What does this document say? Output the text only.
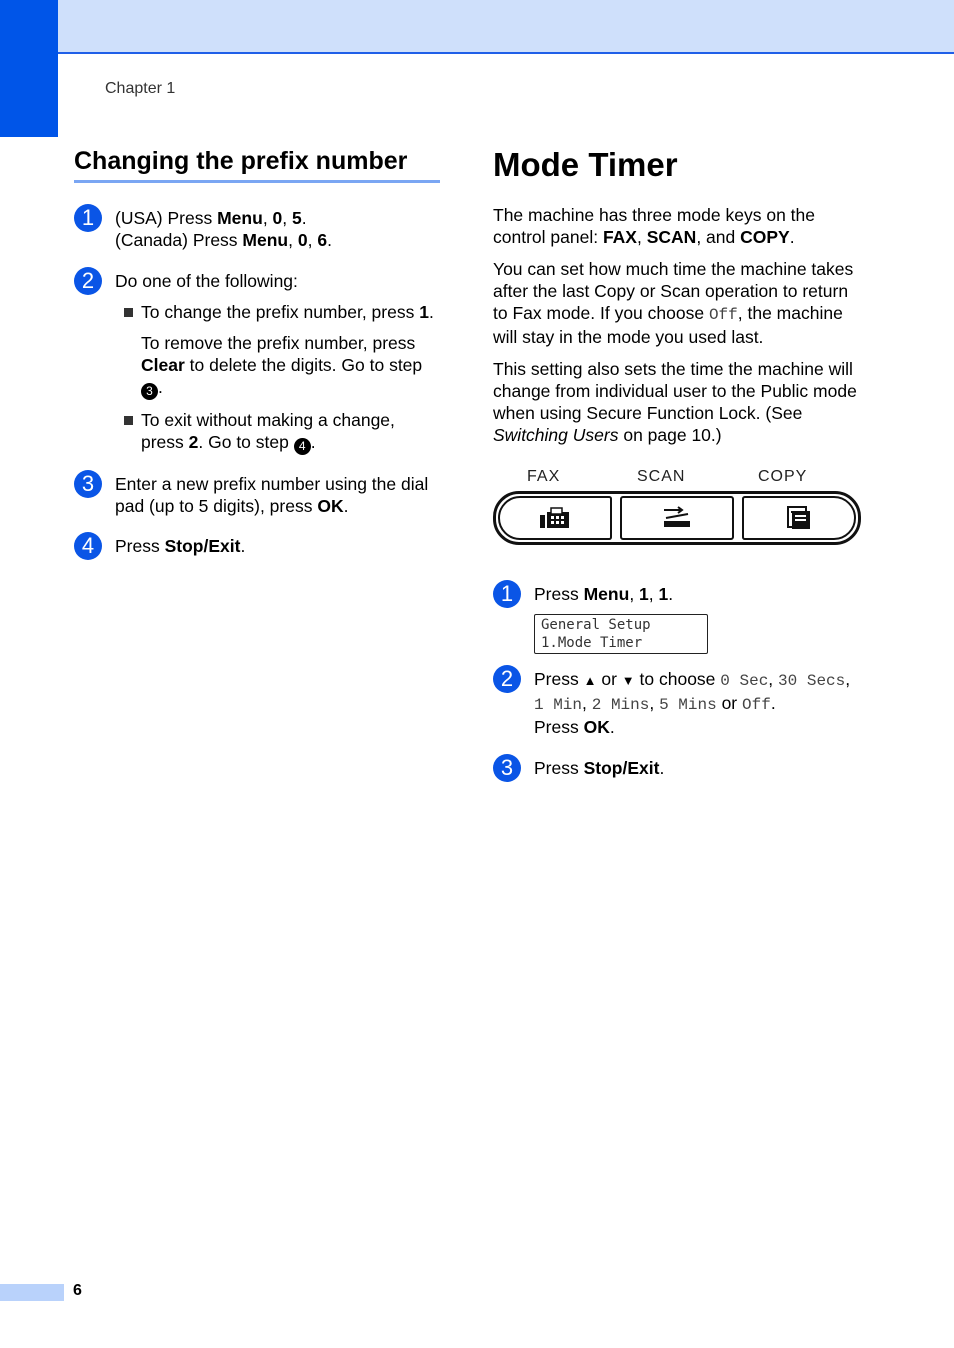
Chapter 1
Changing the prefix number
1	(USA) Press Menu, 0, 5.

(Canada) Press Menu, 0, 6.

2	Do one of the following:

To change the prefix number, press 1.

To remove the prefix number, press Clear to delete the digits. Go to step 3 .

To exit without making a change, press 2. Go to step 4 .

3	Enter a new prefix number using the dial pad (up to 5 digits), press OK.

4	Press Stop/Exit.

Mode Timer

The machine has three mode keys on the control panel: FAX, SCAN, and COPY.

You can set how much time the machine takes after the last Copy or Scan operation to return to Fax mode. If you choose Off, the machine will stay in the mode you used last.

This setting also sets the time the machine will change from individual user to the Public mode when using Secure Function Lock. (See Switching Users on page 10.)

FAX	SCAN	COPY
1	Press Menu, 1, 1.

General Setup
1.Mode Timer
2	Press ▲ or ▼ to choose 0 Sec, 30 Secs, 1 Min, 2 Mins, 5 Mins or Off.

Press OK.

3	Press Stop/Exit.

6
